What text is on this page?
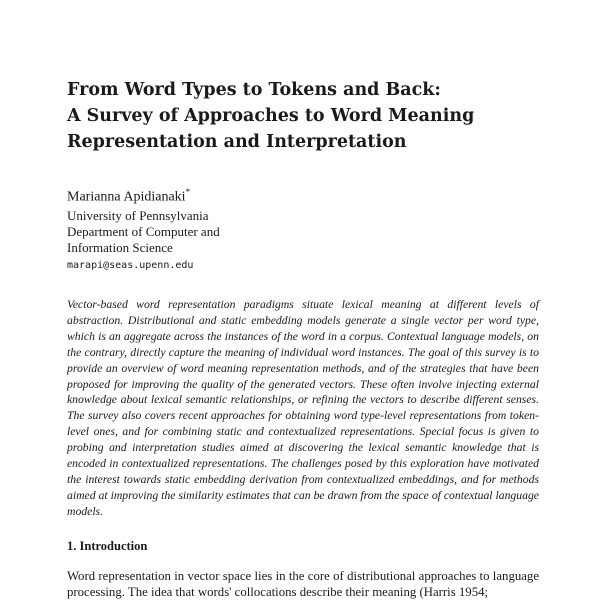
From Word Types to Tokens and Back:
A Survey of Approaches to Word Meaning
Representation and Interpretation
Marianna Apidianaki*
University of Pennsylvania
Department of Computer and
Information Science
marapi@seas.upenn.edu

Vector-based word representation paradigms situate lexical meaning at different levels of abstraction. Distributional and static embedding models generate a single vector per word type, which is an aggregate across the instances of the word in a corpus. Contextual language models, on the contrary, directly capture the meaning of individual word instances. The goal of this survey is to provide an overview of word meaning representation methods, and of the strategies that have been proposed for improving the quality of the generated vectors. These often involve injecting external knowledge about lexical semantic relationships, or refining the vectors to describe different senses. The survey also covers recent approaches for obtaining word type-level representations from token-level ones, and for combining static and contextualized representations. Special focus is given to probing and interpretation studies aimed at discovering the lexical semantic knowledge that is encoded in contextualized representations. The challenges posed by this exploration have motivated the interest towards static embedding derivation from contextualized embeddings, and for methods aimed at improving the similarity estimates that can be drawn from the space of contextual language models.

1. Introduction

Word representation in vector space lies in the core of distributional approaches to language processing. The idea that words' collocations describe their meaning (Harris 1954;
